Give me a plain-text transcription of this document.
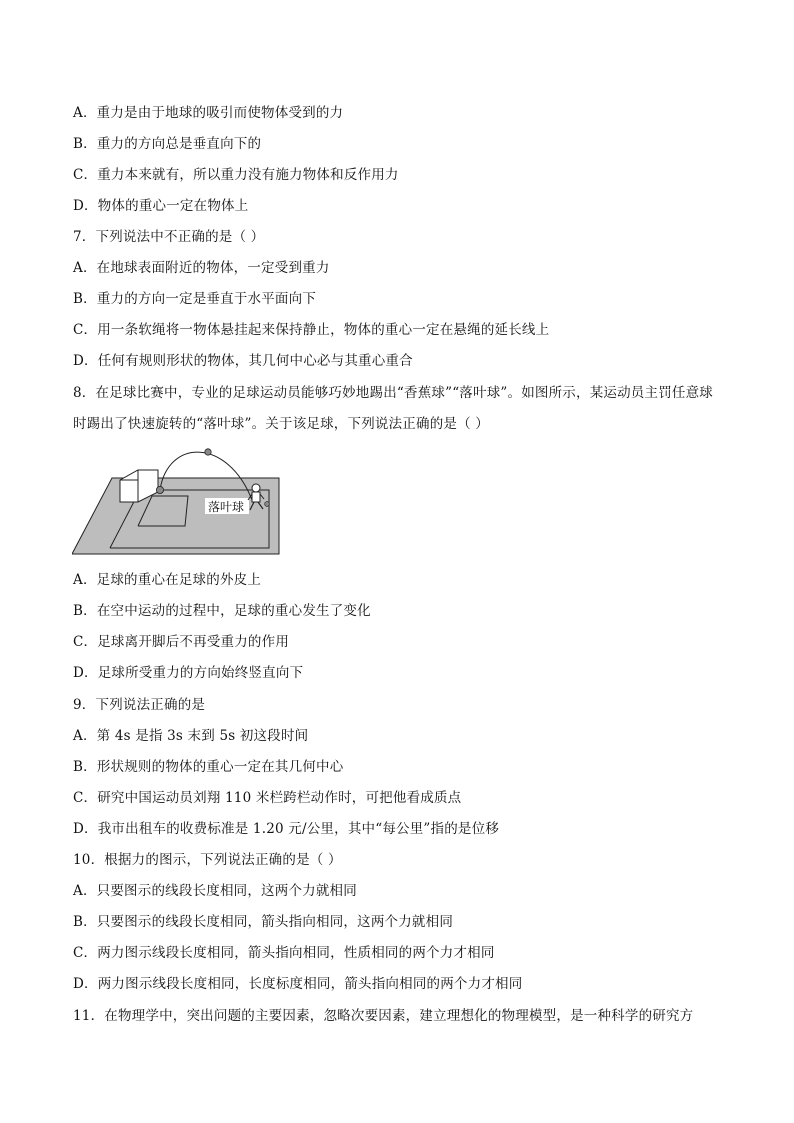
A．重力是由于地球的吸引而使物体受到的力
B．重力的方向总是垂直向下的
C．重力本来就有，所以重力没有施力物体和反作用力
D．物体的重心一定在物体上
7．下列说法中不正确的是（ ）
A．在地球表面附近的物体，一定受到重力
B．重力的方向一定是垂直于水平面向下
C．用一条软绳将一物体悬挂起来保持静止，物体的重心一定在悬绳的延长线上
D．任何有规则形状的物体，其几何中心必与其重心重合
8．在足球比赛中，专业的足球运动员能够巧妙地踢出“香蕉球”“落叶球”。如图所示，某运动员主罚任意球
时踢出了快速旋转的“落叶球”。关于该足球，下列说法正确的是（ ）
落叶球
A．足球的重心在足球的外皮上
B．在空中运动的过程中，足球的重心发生了变化
C．足球离开脚后不再受重力的作用
D．足球所受重力的方向始终竖直向下
9．下列说法正确的是
A．第 4s 是指 3s 末到 5s 初这段时间
B．形状规则的物体的重心一定在其几何中心
C．研究中国运动员刘翔 110 米栏跨栏动作时，可把他看成质点
D．我市出租车的收费标准是 1.20 元/公里，其中“每公里”指的是位移
10．根据力的图示，下列说法正确的是（ ）
A．只要图示的线段长度相同，这两个力就相同
B．只要图示的线段长度相同，箭头指向相同，这两个力就相同
C．两力图示线段长度相同，箭头指向相同，性质相同的两个力才相同
D．两力图示线段长度相同，长度标度相同，箭头指向相同的两个力才相同
11．在物理学中，突出问题的主要因素，忽略次要因素，建立理想化的物理模型，是一种科学的研究方
